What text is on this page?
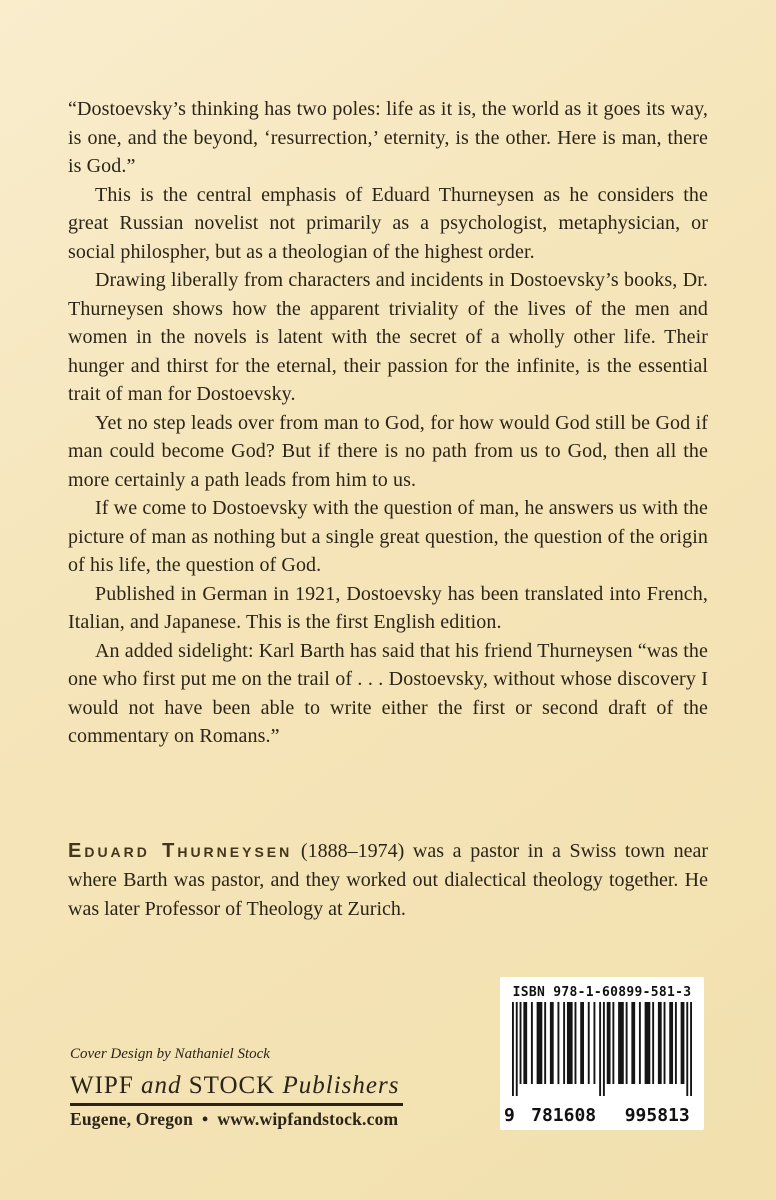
“Dostoevsky’s thinking has two poles: life as it is, the world as it goes its way, is one, and the beyond, ‘resurrection,’ eternity, is the other. Here is man, there is God.”

This is the central emphasis of Eduard Thurneysen as he considers the great Russian novelist not primarily as a psychologist, metaphysician, or social philospher, but as a theologian of the highest order.

Drawing liberally from characters and incidents in Dostoevsky’s books, Dr. Thurneysen shows how the apparent triviality of the lives of the men and women in the novels is latent with the secret of a wholly other life. Their hunger and thirst for the eternal, their passion for the infinite, is the essential trait of man for Dostoevsky.

Yet no step leads over from man to God, for how would God still be God if man could become God? But if there is no path from us to God, then all the more certainly a path leads from him to us.

If we come to Dostoevsky with the question of man, he answers us with the picture of man as nothing but a single great question, the question of the origin of his life, the question of God.

Published in German in 1921, Dostoevsky has been translated into French, Italian, and Japanese. This is the first English edition.

An added sidelight: Karl Barth has said that his friend Thurneysen “was the one who first put me on the trail of . . . Dostoevsky, without whose discovery I would not have been able to write either the first or second draft of the commentary on Romans.”

Eduard Thurneysen (1888–1974) was a pastor in a Swiss town near where Barth was pastor, and they worked out dialectical theology together. He was later Professor of Theology at Zurich.
Cover Design by Nathaniel Stock
WIPF and STOCK Publishers
Eugene, Oregon • www.wipfandstock.com
ISBN 978-1-60899-581-3
9 781608	995813
